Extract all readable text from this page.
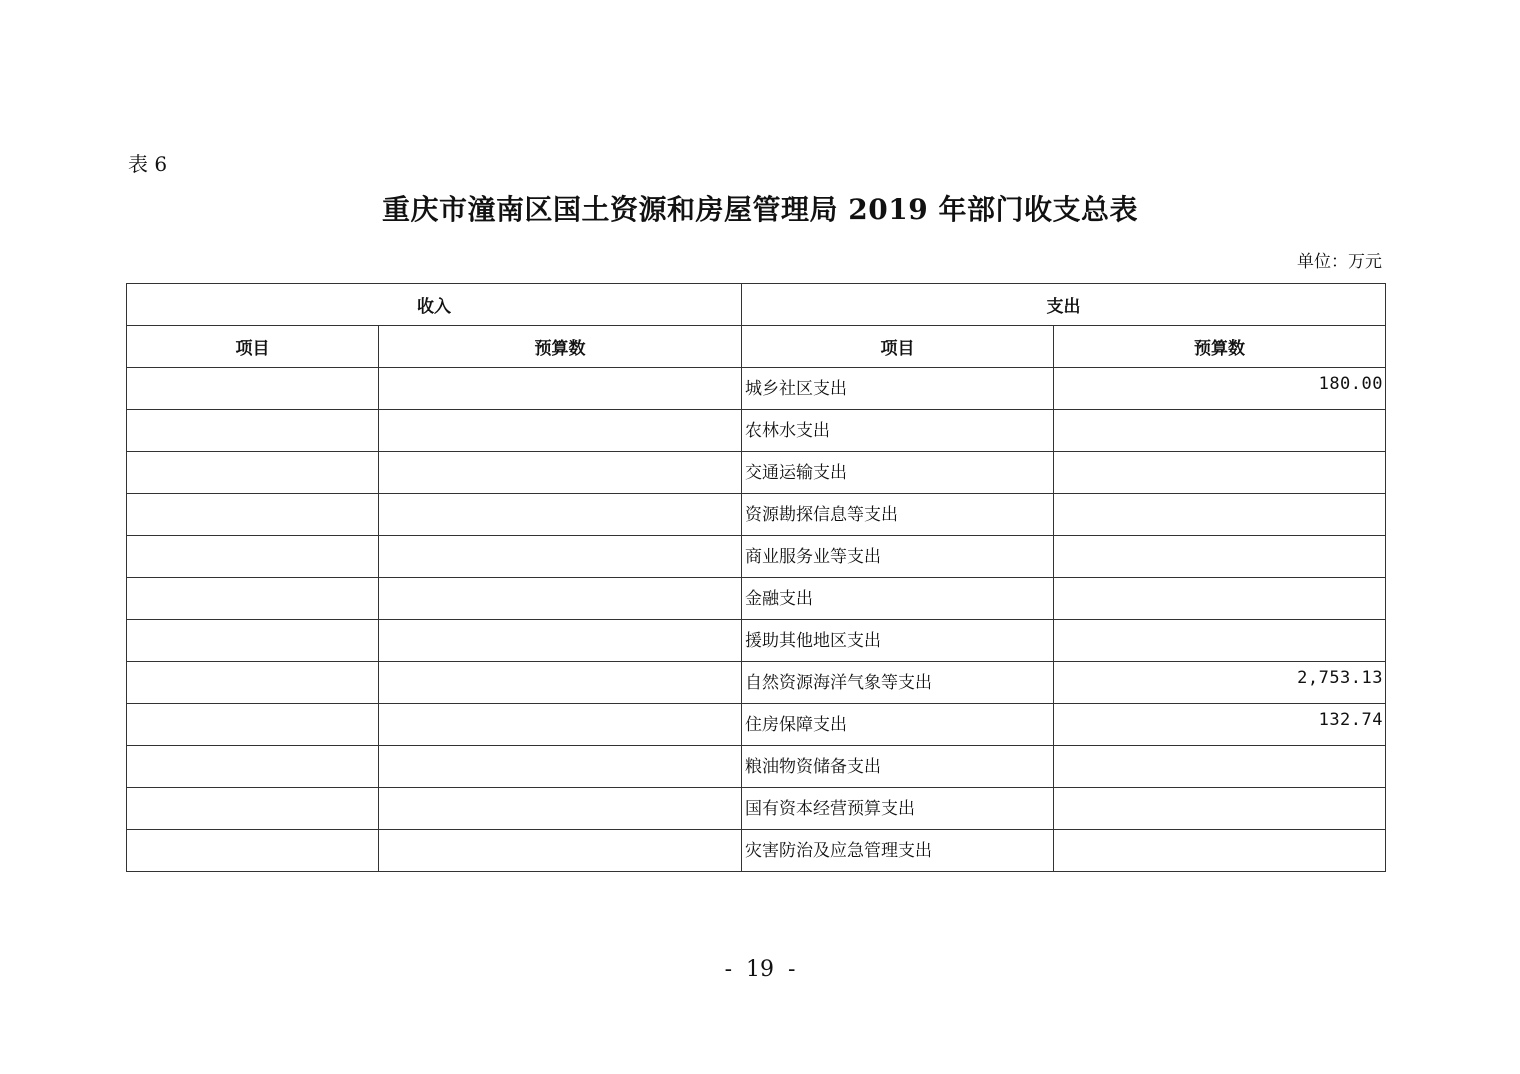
表 6
重庆市潼南区国土资源和房屋管理局 2019 年部门收支总表
单位：万元
收入		支出	
项目	预算数	项目	预算数
		城乡社区支出	180.00
		农林水支出	
		交通运输支出	
		资源勘探信息等支出	
		商业服务业等支出	
		金融支出	
		援助其他地区支出	
		自然资源海洋气象等支出	2,753.13
		住房保障支出	132.74
		粮油物资储备支出	
		国有资本经营预算支出	
		灾害防治及应急管理支出	
-  19  -
